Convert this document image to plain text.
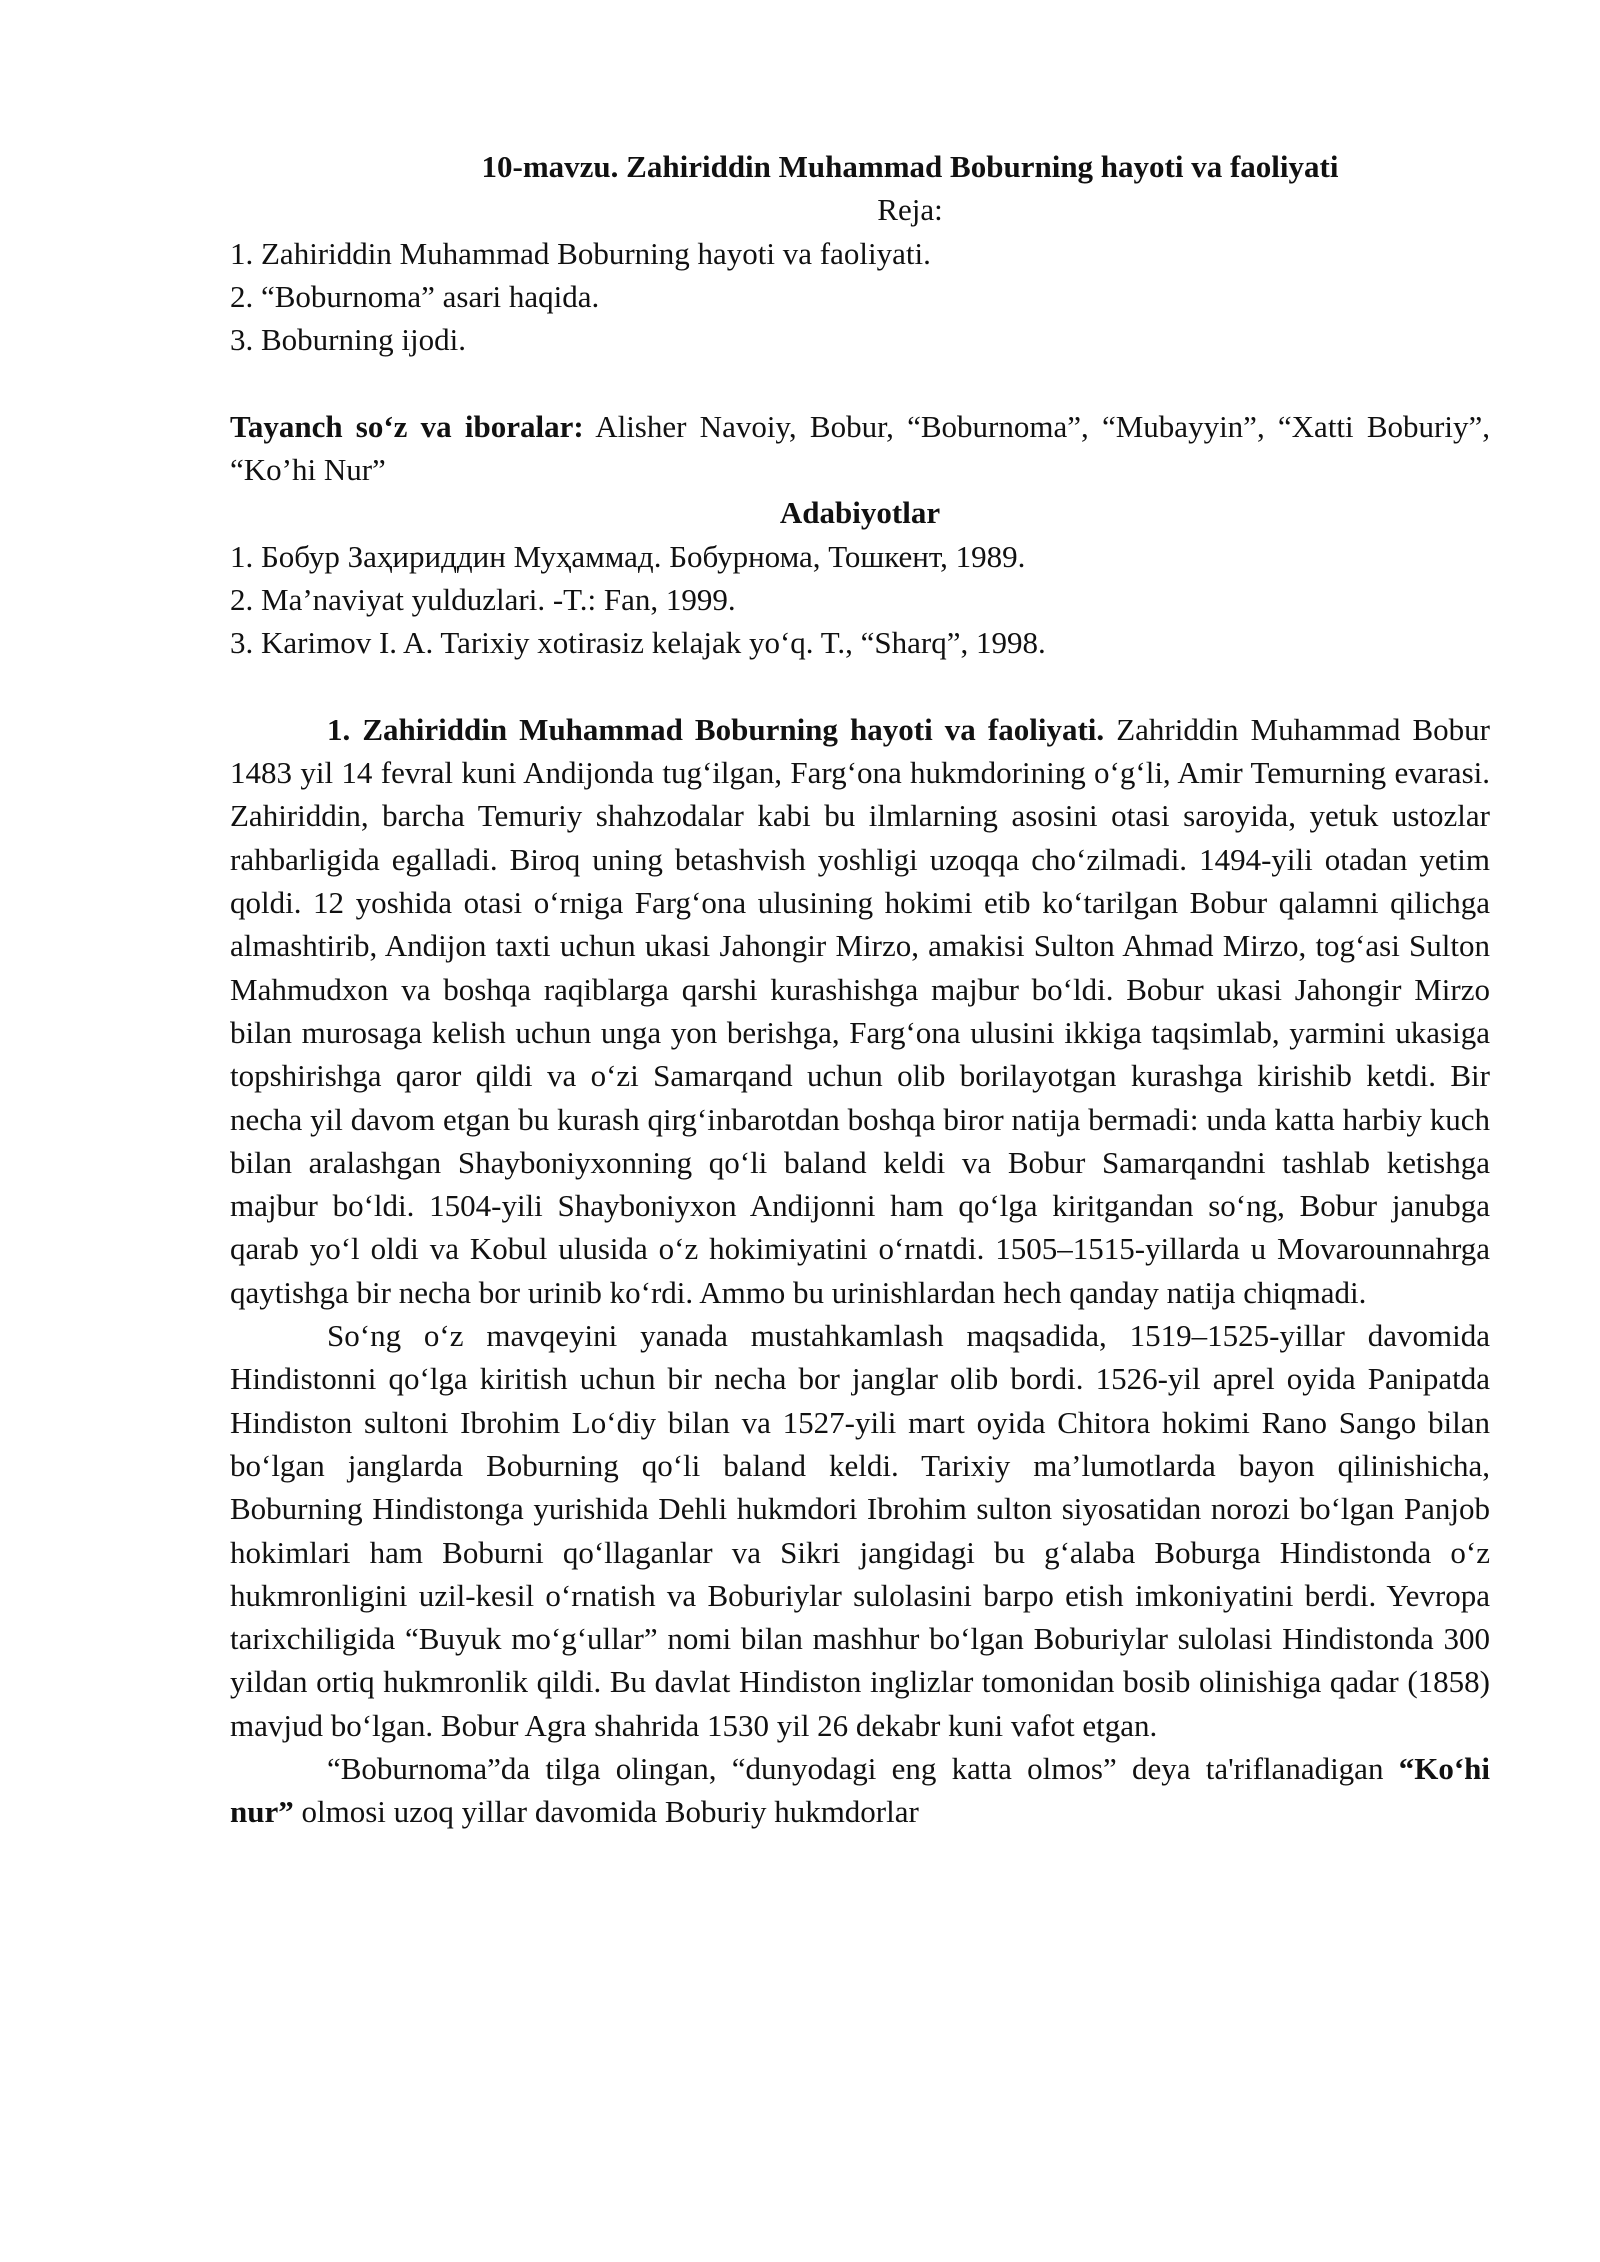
10-mavzu. Zahiriddin Muhammad Boburning hayoti va faoliyati
Reja:
1. Zahiriddin Muhammad Boburning hayoti va faoliyati.
2. “Boburnoma” asari haqida.
3. Boburning ijodi.

Tayanch so‘z va iboralar: Alisher Navoiy, Bobur, “Boburnoma”, “Mubayyin”, “Xatti Boburiy”, “Ko’hi Nur”

Adabiyotlar
1. Бобур Заҳириддин Муҳаммад. Бобурнома, Тошкент, 1989.
2. Ma’naviyat yulduzlari. -T.: Fan, 1999.
3. Karimov I. A. Tarixiy xotirasiz kelajak yo‘q. T., “Sharq”, 1998.

1. Zahiriddin Muhammad Boburning hayoti va faoliyati. Zahriddin Muhammad Bobur 1483 yil 14 fevral kuni Andijonda tug‘ilgan, Farg‘ona hukmdorining o‘g‘li, Amir Temurning evarasi. Zahiriddin, barcha Temuriy shahzodalar kabi bu ilmlarning asosini otasi saroyida, yetuk ustozlar rahbarligida egalladi. Biroq uning betashvish yoshligi uzoqqa cho‘zilmadi. 1494-yili otadan yetim qoldi. 12 yoshida otasi o‘rniga Farg‘ona ulusining hokimi etib ko‘tarilgan Bobur qalamni qilichga almashtirib, Andijon taxti uchun ukasi Jahongir Mirzo, amakisi Sulton Ahmad Mirzo, tog‘asi Sulton Mahmudxon va boshqa raqiblarga qarshi kurashishga majbur bo‘ldi. Bobur ukasi Jahongir Mirzo bilan murosaga kelish uchun unga yon berishga, Farg‘ona ulusini ikkiga taqsimlab, yarmini ukasiga topshirishga qaror qildi va o‘zi Samarqand uchun olib borilayotgan kurashga kirishib ketdi. Bir necha yil davom etgan bu kurash qirg‘inbarotdan boshqa biror natija bermadi: unda katta harbiy kuch bilan aralashgan Shayboniyxonning qo‘li baland keldi va Bobur Samarqandni tashlab ketishga majbur bo‘ldi. 1504-yili Shayboniyxon Andijonni ham qo‘lga kiritgandan so‘ng, Bobur janubga qarab yo‘l oldi va Kobul ulusida o‘z hokimiyatini o‘rnatdi. 1505–1515-yillarda u Movarounnahrga qaytishga bir necha bor urinib ko‘rdi. Ammo bu urinishlardan hech qanday natija chiqmadi.

So‘ng o‘z mavqeyini yanada mustahkamlash maqsadida, 1519–1525-yillar davomida Hindistonni qo‘lga kiritish uchun bir necha bor janglar olib bordi. 1526-yil aprel oyida Panipatda Hindiston sultoni Ibrohim Lo‘diy bilan va 1527-yili mart oyida Chitora hokimi Rano Sango bilan bo‘lgan janglarda Boburning qo‘li baland keldi. Tarixiy ma’lumotlarda bayon qilinishicha, Boburning Hindistonga yurishida Dehli hukmdori Ibrohim sulton siyosatidan norozi bo‘lgan Panjob hokimlari ham Boburni qo‘llaganlar va Sikri jangidagi bu g‘alaba Boburga Hindistonda o‘z hukmronligini uzil-kesil o‘rnatish va Boburiylar sulolasini barpo etish imkoniyatini berdi. Yevropa tarixchiligida “Buyuk mo‘g‘ullar” nomi bilan mashhur bo‘lgan Boburiylar sulolasi Hindistonda 300 yildan ortiq hukmronlik qildi. Bu davlat Hindiston inglizlar tomonidan bosib olinishiga qadar (1858) mavjud bo‘lgan. Bobur Agra shahrida 1530 yil 26 dekabr kuni vafot etgan.

“Boburnoma”da tilga olingan, “dunyodagi eng katta olmos” deya ta'riflanadigan “Ko‘hi nur” olmosi uzoq yillar davomida Boburiy hukmdorlar
